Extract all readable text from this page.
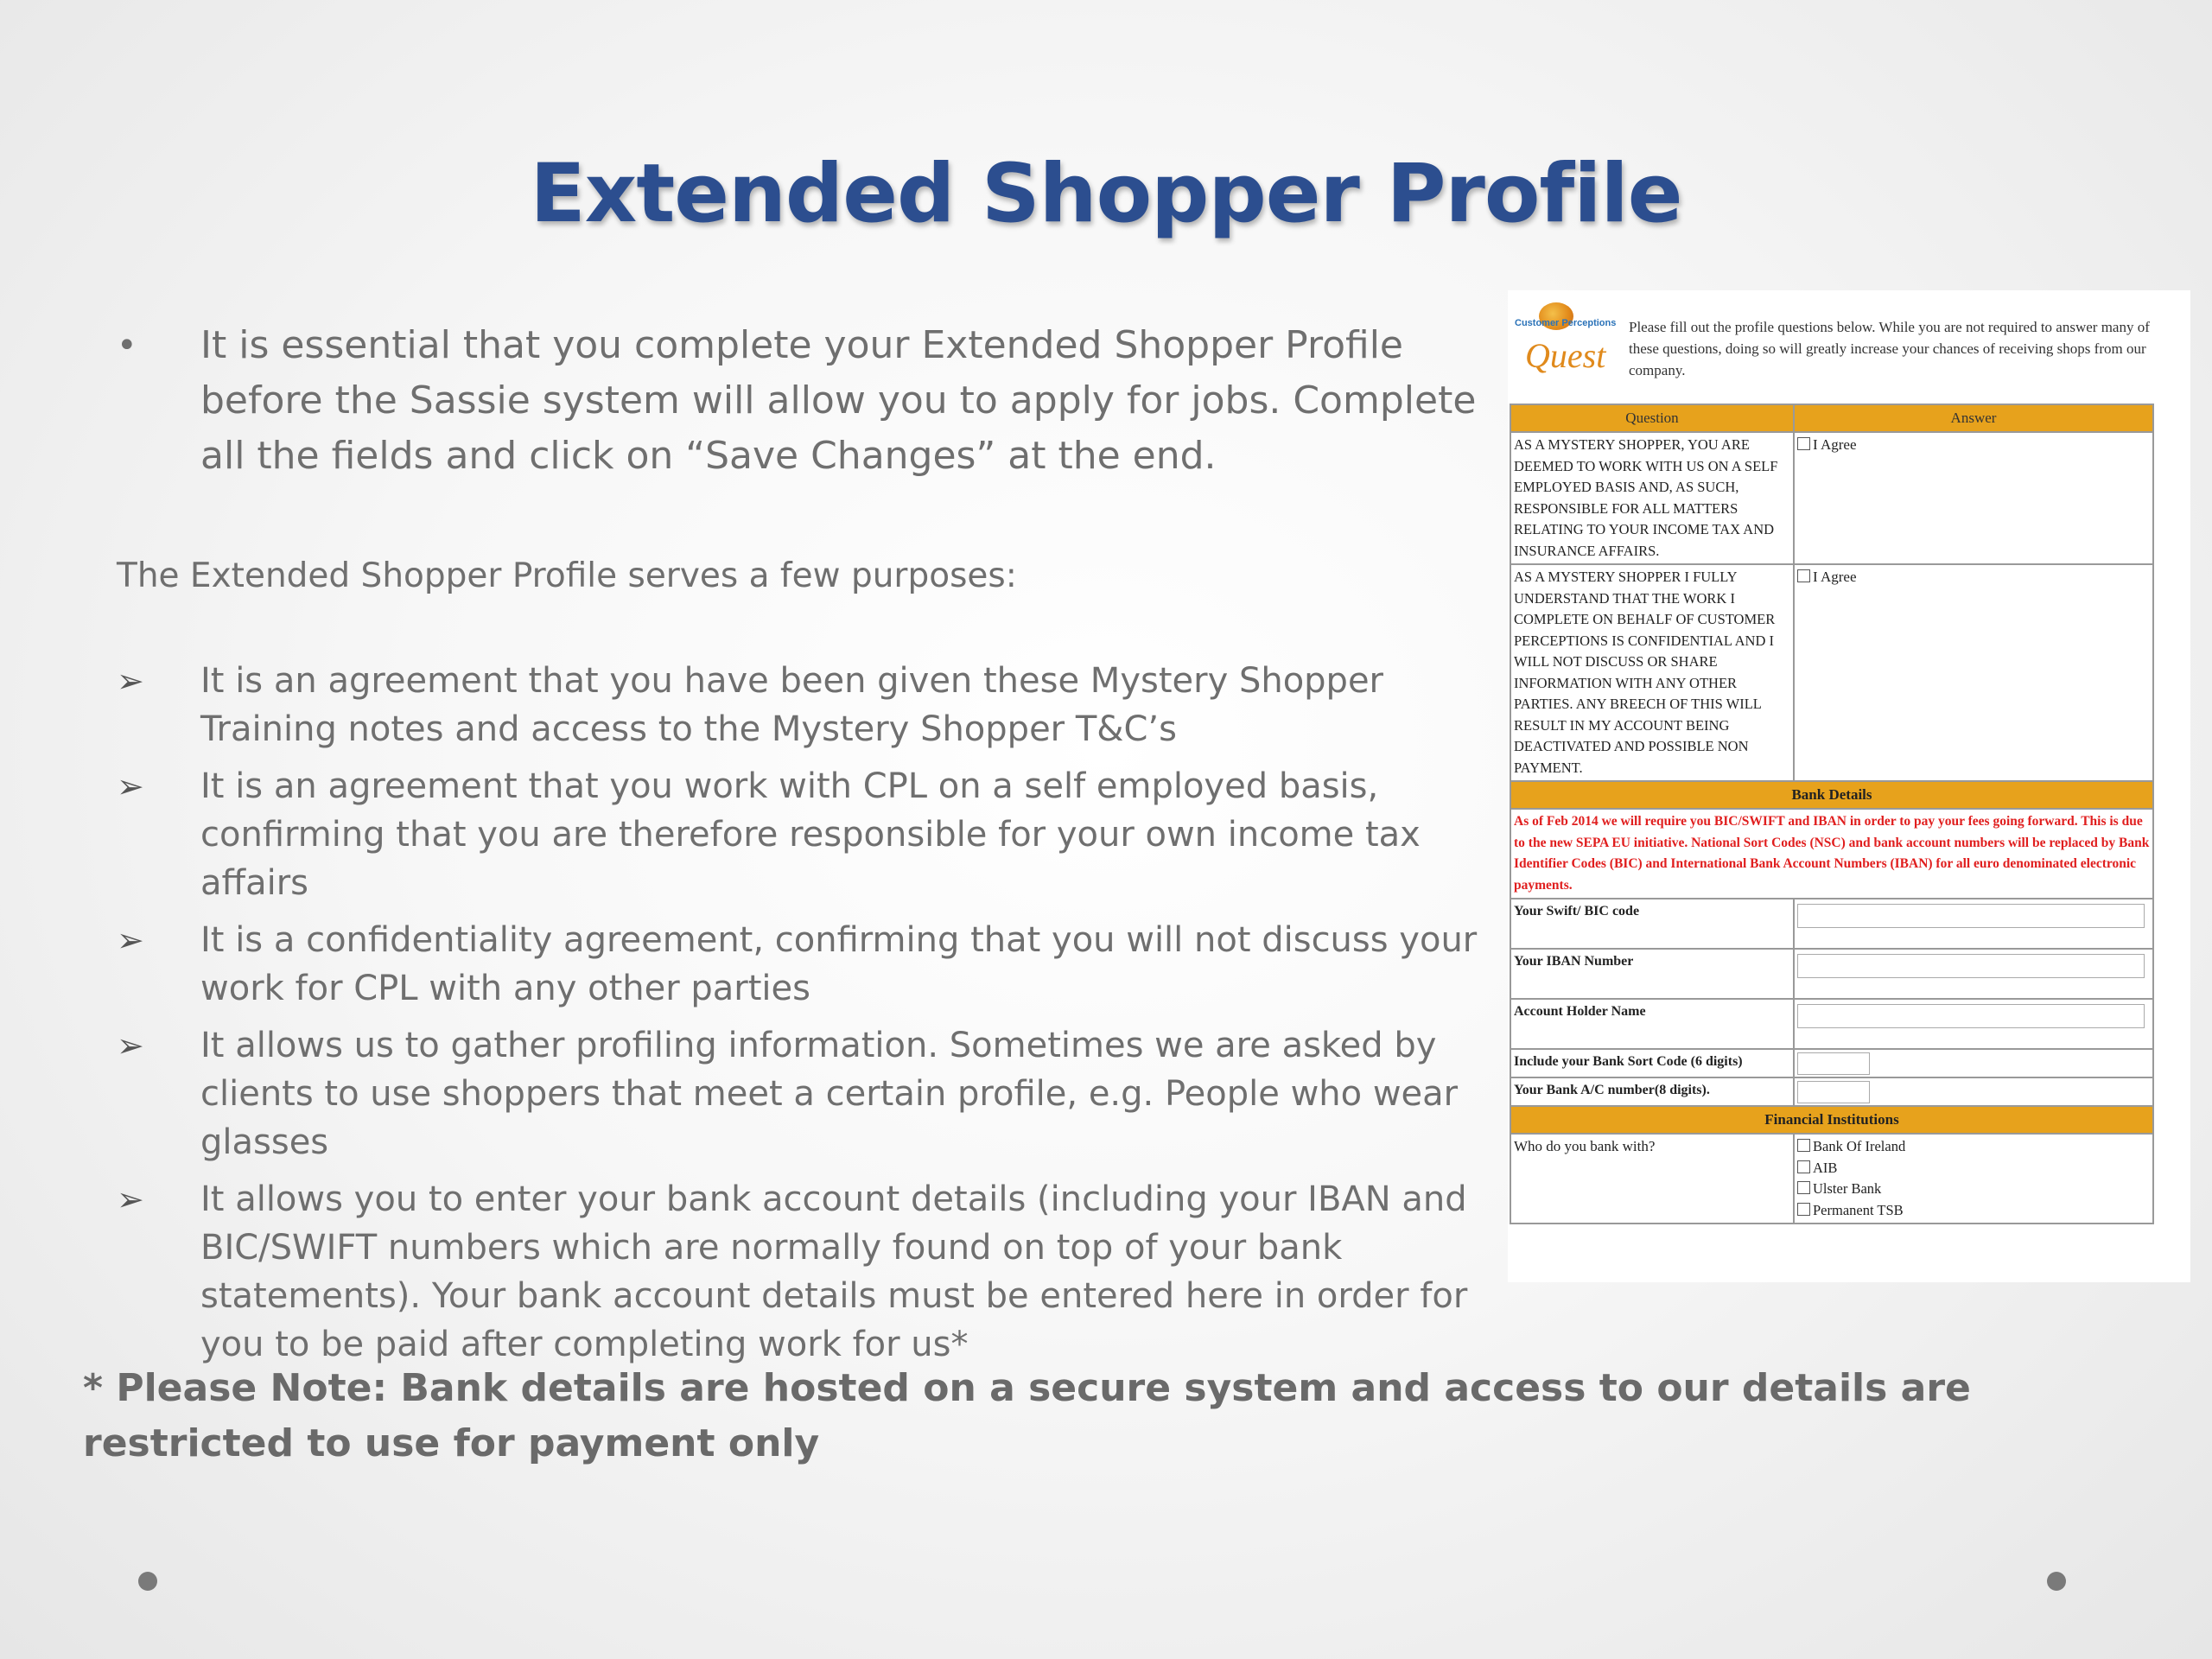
Extended Shopper Profile

• It is essential that you complete your Extended Shopper Profile before the Sassie system will allow you to apply for jobs. Complete all the fields and click on “Save Changes” at the end.

The Extended Shopper Profile serves a few purposes:

➢ It is an agreement that you have been given these Mystery Shopper Training notes and access to the Mystery Shopper T&C’s
➢ It is an agreement that you work with CPL on a self employed basis, confirming that you are therefore responsible for your own income tax affairs
➢ It is a confidentiality agreement, confirming that you will not discuss your work for CPL with any other parties
➢ It allows us to gather profiling information. Sometimes we are asked by clients to use shoppers that meet a certain profile, e.g. People who wear glasses
➢ It allows you to enter your bank account details (including your IBAN and BIC/SWIFT numbers which are normally found on top of your bank statements). Your bank account details must be entered here in order for you to be paid after completing work for us*
Customer Perceptions
Quest
Please fill out the profile questions below. While you are not required to answer many of these questions, doing so will greatly increase your chances of receiving shops from our company.
Question	Answer
AS A MYSTERY SHOPPER, YOU ARE DEEMED TO WORK WITH US ON A SELF EMPLOYED BASIS AND, AS SUCH, RESPONSIBLE FOR ALL MATTERS RELATING TO YOUR INCOME TAX AND INSURANCE AFFAIRS.	I Agree
AS A MYSTERY SHOPPER I FULLY UNDERSTAND THAT THE WORK I COMPLETE ON BEHALF OF CUSTOMER PERCEPTIONS IS CONFIDENTIAL AND I WILL NOT DISCUSS OR SHARE INFORMATION WITH ANY OTHER PARTIES. ANY BREECH OF THIS WILL RESULT IN MY ACCOUNT BEING DEACTIVATED AND POSSIBLE NON PAYMENT.	I Agree
Bank Details	
As of Feb 2014 we will require you BIC/SWIFT and IBAN in order to pay your fees going forward. This is due to the new SEPA EU initiative. National Sort Codes (NSC) and bank account numbers will be replaced by Bank Identifier Codes (BIC) and International Bank Account Numbers (IBAN) for all euro denominated electronic payments.	
Your Swift/ BIC code	

Your IBAN Number	

Account Holder Name	

Include your Bank Sort Code (6 digits)	

Your Bank A/C number(8 digits).	

Financial Institutions	
Who do you bank with?	Bank Of Ireland
AIB
Ulster Bank
Permanent TSB
* Please Note: Bank details are hosted on a secure system and access to our details are restricted to use for payment only
